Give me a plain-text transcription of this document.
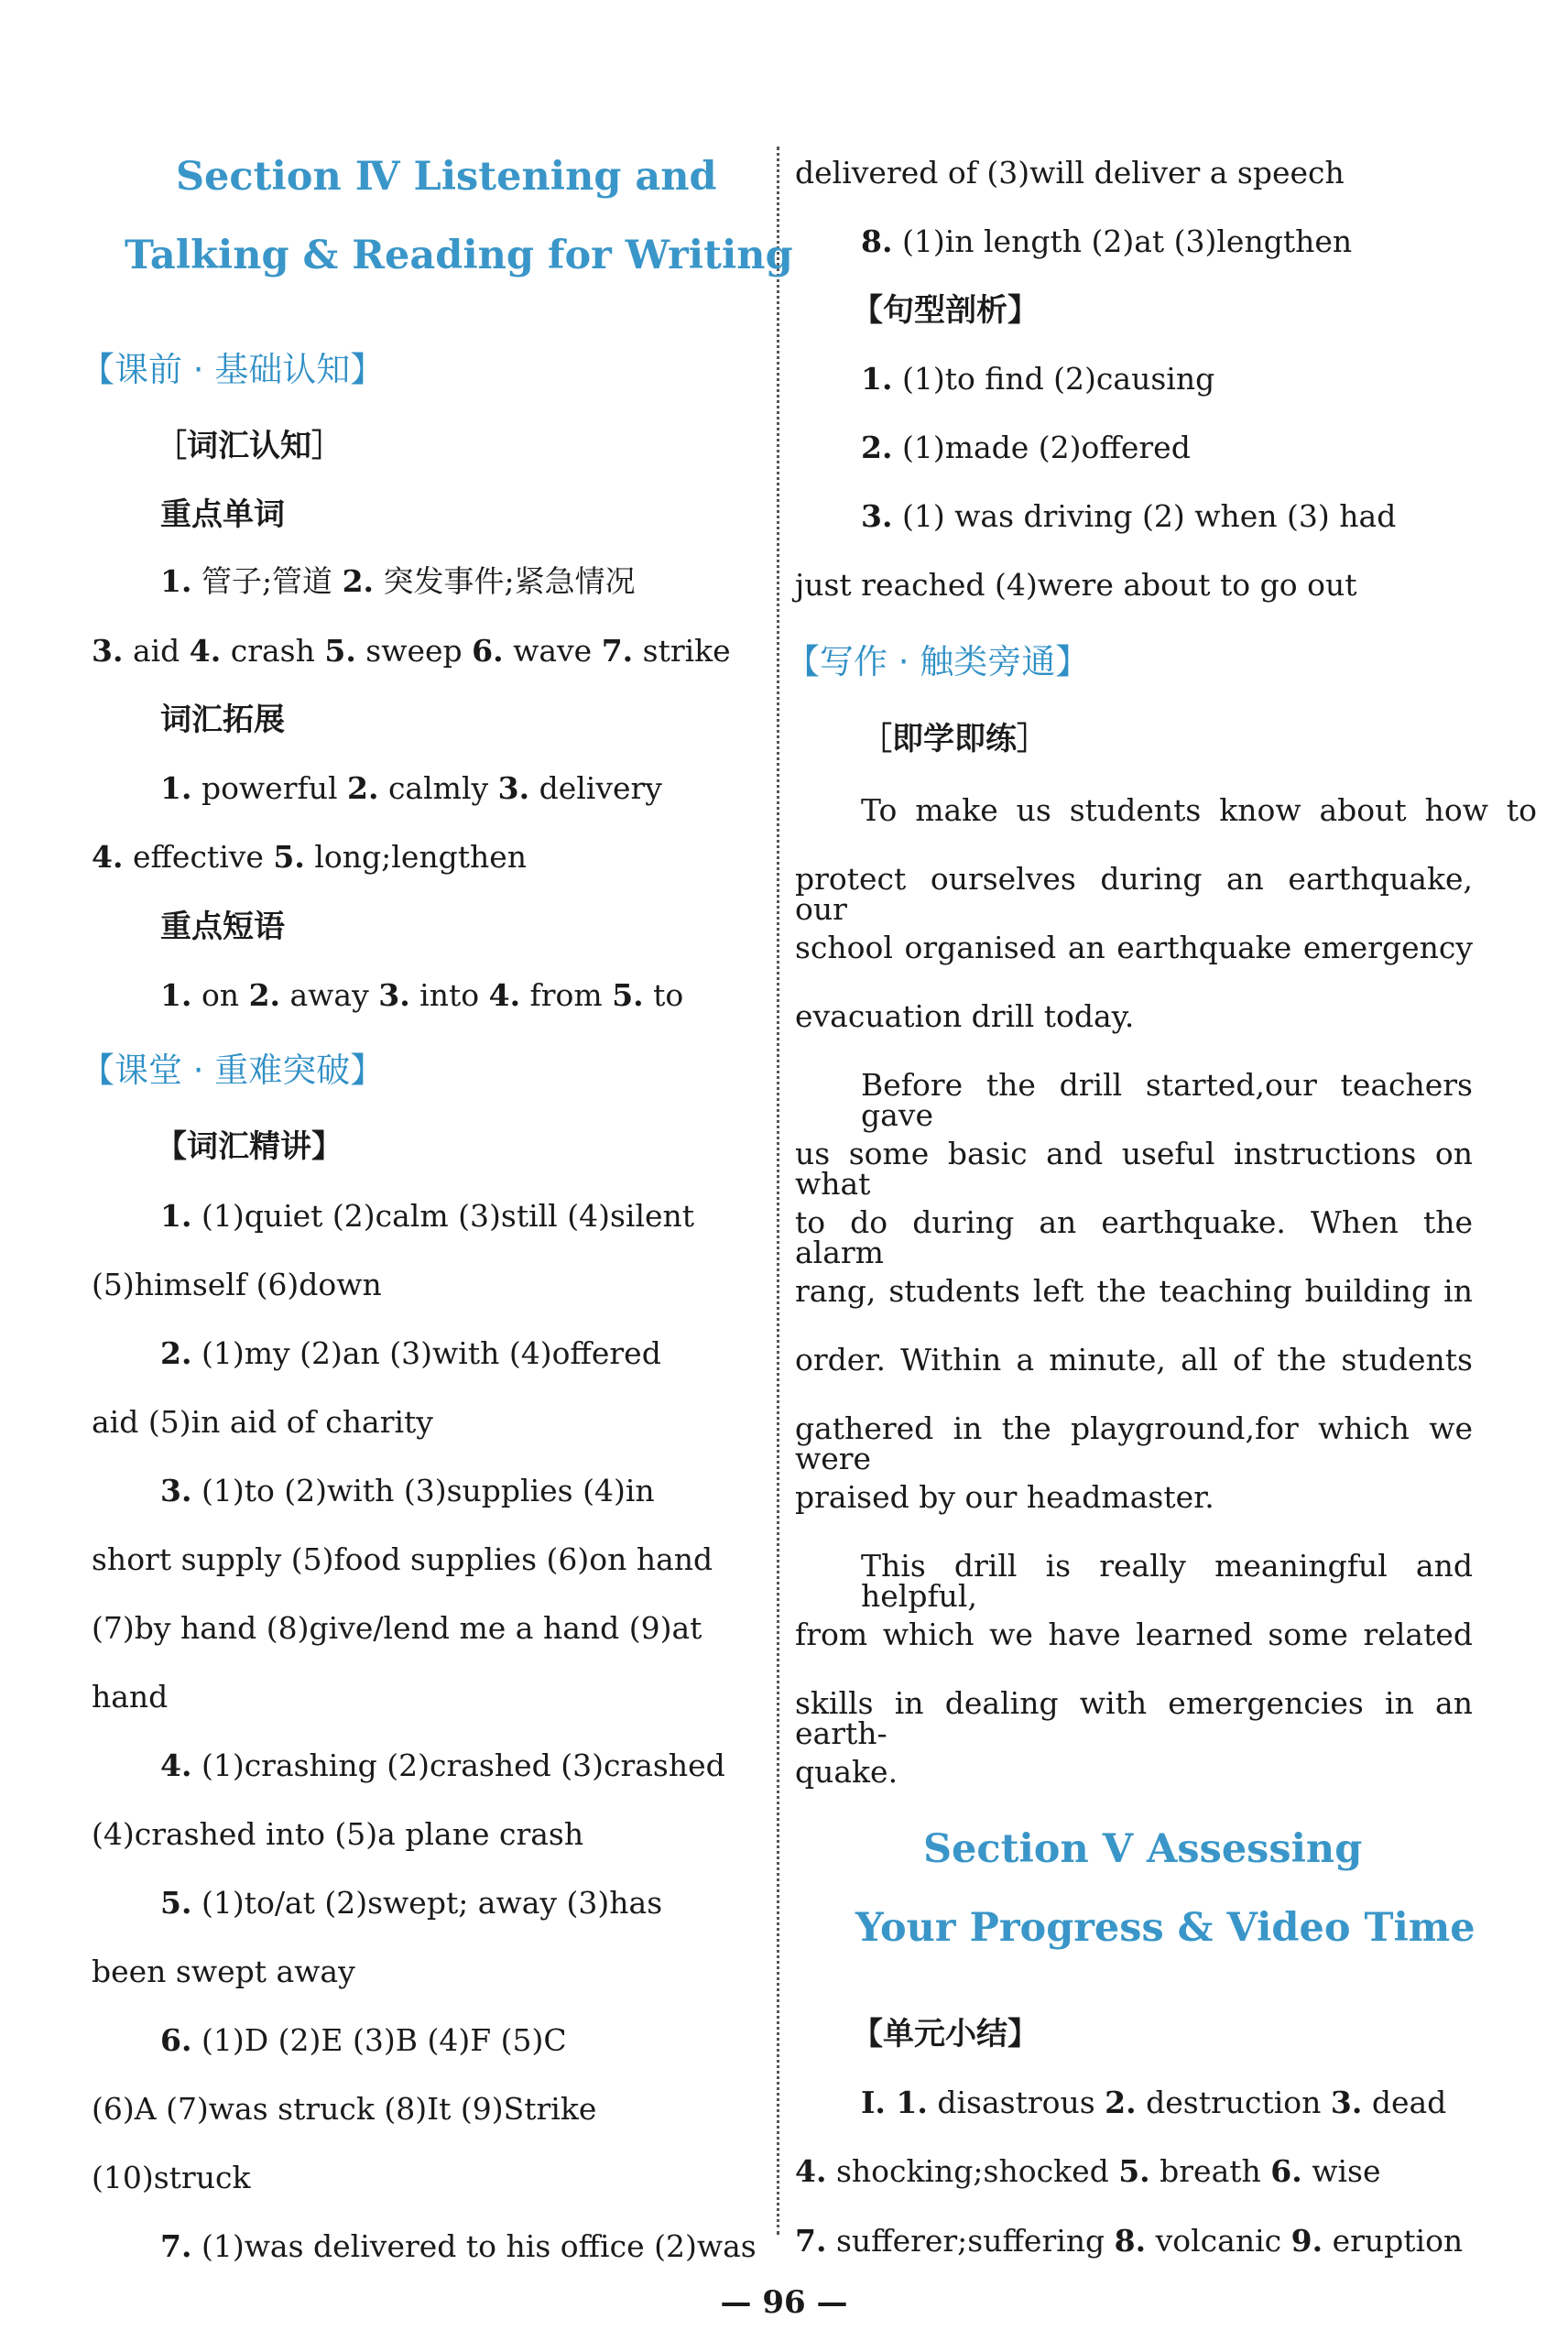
Section Ⅳ Listening and
Talking & Reading for Writing
【课前 · 基础认知】
［词汇认知］
重点单词
1. 管子;管道 2. 突发事件;紧急情况
3. aid 4. crash 5. sweep 6. wave 7. strike
词汇拓展
1. powerful 2. calmly 3. delivery
4. effective 5. long;lengthen
重点短语
1. on 2. away 3. into 4. from 5. to
【课堂 · 重难突破】
【词汇精讲】
1. (1)quiet (2)calm (3)still (4)silent
(5)himself (6)down
2. (1)my (2)an (3)with (4)offered
aid (5)in aid of charity
3. (1)to (2)with (3)supplies (4)in
short supply (5)food supplies (6)on hand
(7)by hand (8)give/lend me a hand (9)at
hand
4. (1)crashing (2)crashed (3)crashed
(4)crashed into (5)a plane crash
5. (1)to/at (2)swept; away (3)has
been swept away
6. (1)D (2)E (3)B (4)F (5)C
(6)A (7)was struck (8)It (9)Strike
(10)struck
7. (1)was delivered to his office (2)was
delivered of (3)will deliver a speech
8. (1)in length (2)at (3)lengthen
【句型剖析】
1. (1)to find (2)causing
2. (1)made (2)offered
3. (1) was driving (2) when (3) had
just reached (4)were about to go out
【写作 · 触类旁通】
［即学即练］
To make us students know about how to
protect ourselves during an earthquake, our
school organised an earthquake emergency
evacuation drill today.
Before the drill started,our teachers gave
us some basic and useful instructions on what
to do during an earthquake. When the alarm
rang, students left the teaching building in
order. Within a minute, all of the students
gathered in the playground,for which we were
praised by our headmaster.
This drill is really meaningful and helpful,
from which we have learned some related
skills in dealing with emergencies in an earth-
quake.
Section Ⅴ Assessing
Your Progress & Video Time
【单元小结】
Ⅰ. 1. disastrous 2. destruction 3. dead
4. shocking;shocked 5. breath 6. wise
7. sufferer;suffering 8. volcanic 9. eruption
— 96 —
